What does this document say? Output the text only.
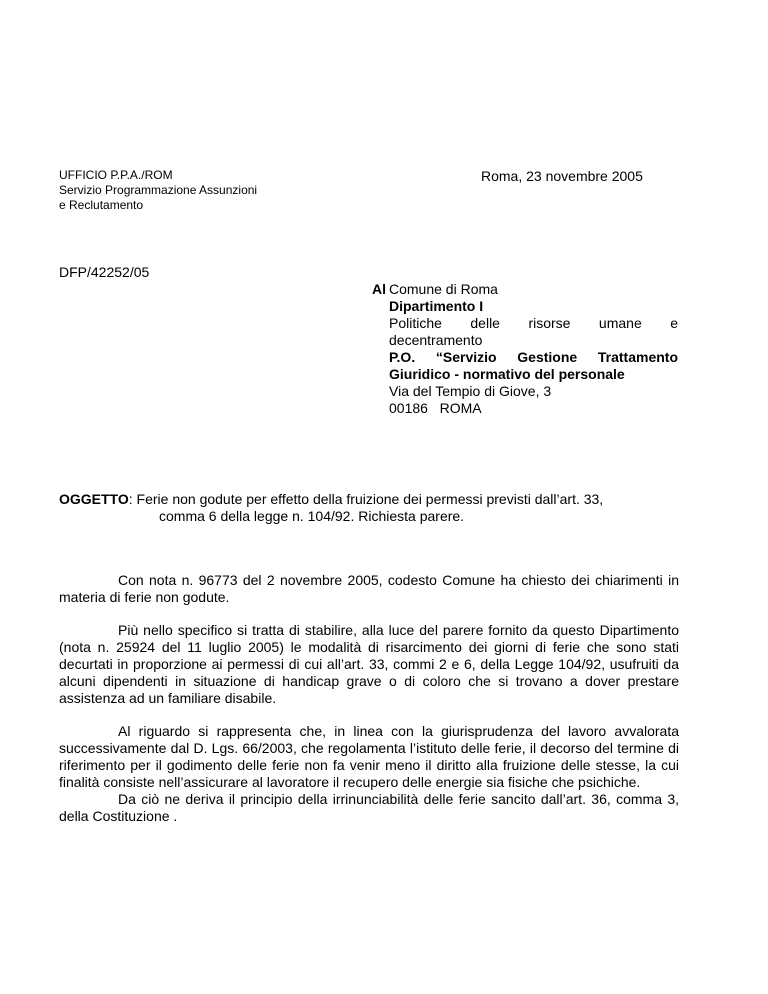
UFFICIO P.P.A./ROM
Servizio Programmazione Assunzioni
e Reclutamento
Roma, 23 novembre 2005
DFP/42252/05
Al Comune di Roma
Dipartimento I
Politiche delle risorse umane e
decentramento
P.O. “Servizio Gestione Trattamento
Giuridico - normativo del personale
Via del Tempio di Giove, 3
00186   ROMA
OGGETTO: Ferie non godute per effetto della fruizione dei permessi previsti dall’art. 33,
comma 6 della legge n. 104/92. Richiesta parere.

Con nota n. 96773 del 2 novembre 2005, codesto Comune ha chiesto dei chiarimenti in materia di ferie non godute.

Più nello specifico si tratta di stabilire, alla luce del parere fornito da questo Dipartimento (nota n. 25924 del 11 luglio 2005) le modalità di risarcimento dei giorni di ferie che sono stati decurtati in proporzione ai permessi di cui all’art. 33, commi 2 e 6, della Legge 104/92, usufruiti da alcuni dipendenti in situazione di handicap grave o di coloro che si trovano a dover prestare assistenza ad un familiare disabile.

Al riguardo si rappresenta che, in linea con la giurisprudenza del lavoro avvalorata successivamente dal D. Lgs. 66/2003, che regolamenta l’istituto delle ferie, il decorso del termine di riferimento per il godimento delle ferie non fa venir meno il diritto alla fruizione delle stesse, la cui finalità consiste nell’assicurare al lavoratore il recupero delle energie sia fisiche che psichiche.

Da ciò ne deriva il principio della irrinunciabilità delle ferie sancito dall’art. 36, comma 3, della Costituzione .
